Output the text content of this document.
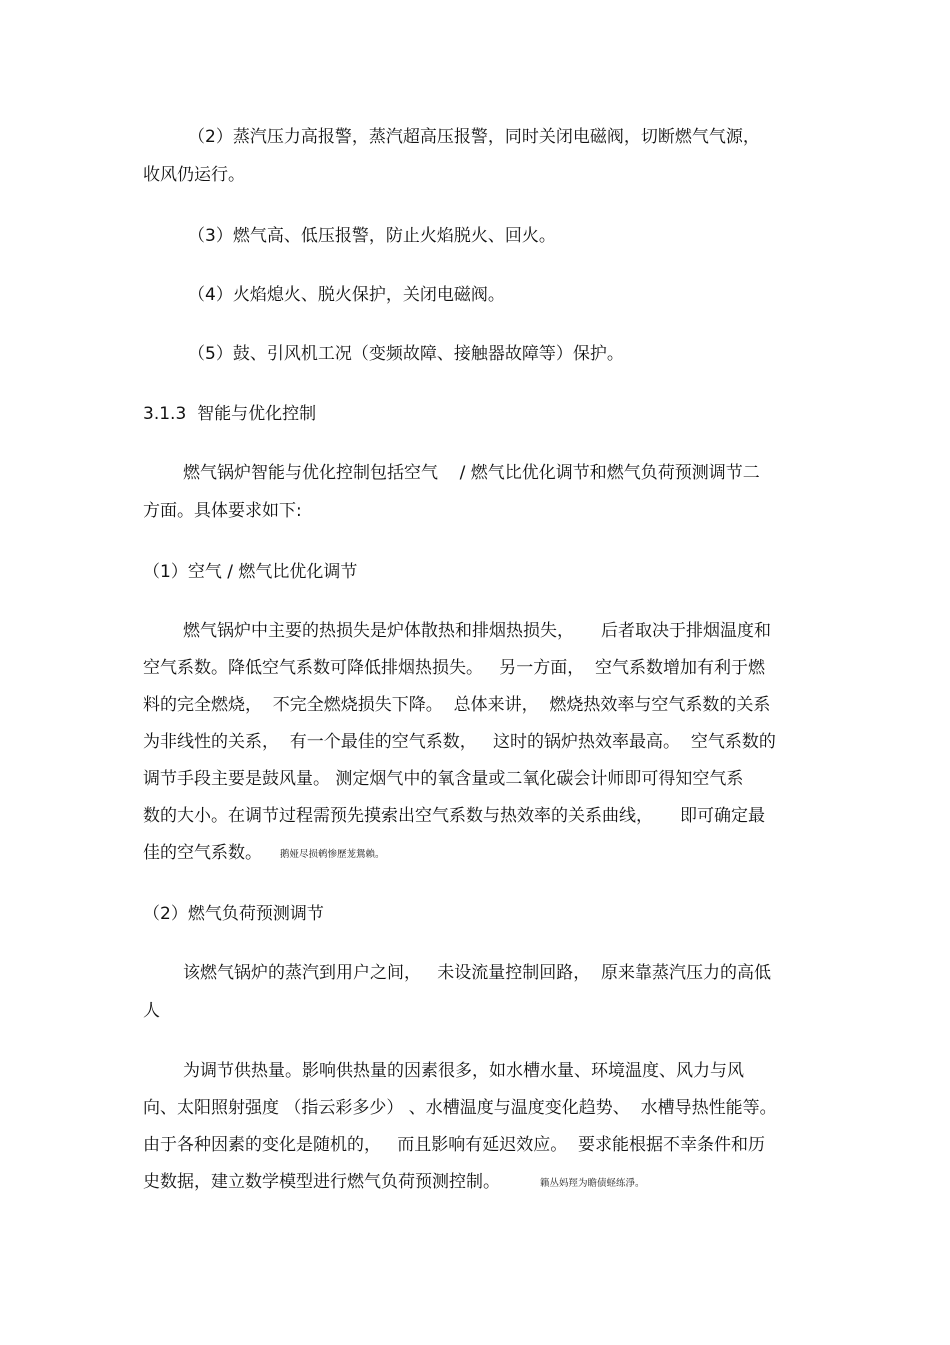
（2）蒸汽压力高报警，蒸汽超高压报警，同时关闭电磁阀，切断燃气气源，

收风仍运行。

（3）燃气高、低压报警，防止火焰脱火、回火。

（4）火焰熄火、脱火保护，关闭电磁阀。

（5）鼓、引风机工况（变频故障、接触器故障等）保护。

3.1.3  智能与优化控制

燃气锅炉智能与优化控制包括空气    / 燃气比优化调节和燃气负荷预测调节二

方面。具体要求如下:

（1）空气 / 燃气比优化调节

燃气锅炉中主要的热损失是炉体散热和排烟热损失，     后者取决于排烟温度和

空气系数。降低空气系数可降低排烟热损失。   另一方面，  空气系数增加有利于燃

料的完全燃烧，  不完全燃烧损失下降。  总体来讲，  燃烧热效率与空气系数的关系

为非线性的关系，  有一个最佳的空气系数，   这时的锅炉热效率最高。  空气系数的

调节手段主要是鼓风量。 测定烟气中的氧含量或二氧化碳会计师即可得知空气系

数的大小。在调节过程需预先摸索出空气系数与热效率的关系曲线，     即可确定最

佳的空气系数。 鹅娅尽损鹌惨歷茏鴛賴。

（2）燃气负荷预测调节

该燃气锅炉的蒸汽到用户之间，   未设流量控制回路，  原来靠蒸汽压力的高低

人

为调节供热量。影响供热量的因素很多，如水槽水量、环境温度、风力与风

向、太阳照射强度 （指云彩多少） 、水槽温度与温度变化趋势、  水槽导热性能等。

由于各种因素的变化是随机的，   而且影响有延迟效应。  要求能根据不幸条件和历

史数据，建立数学模型进行燃气负荷预测控制。	籟丛妈羥为瞻债蛏练淨。
